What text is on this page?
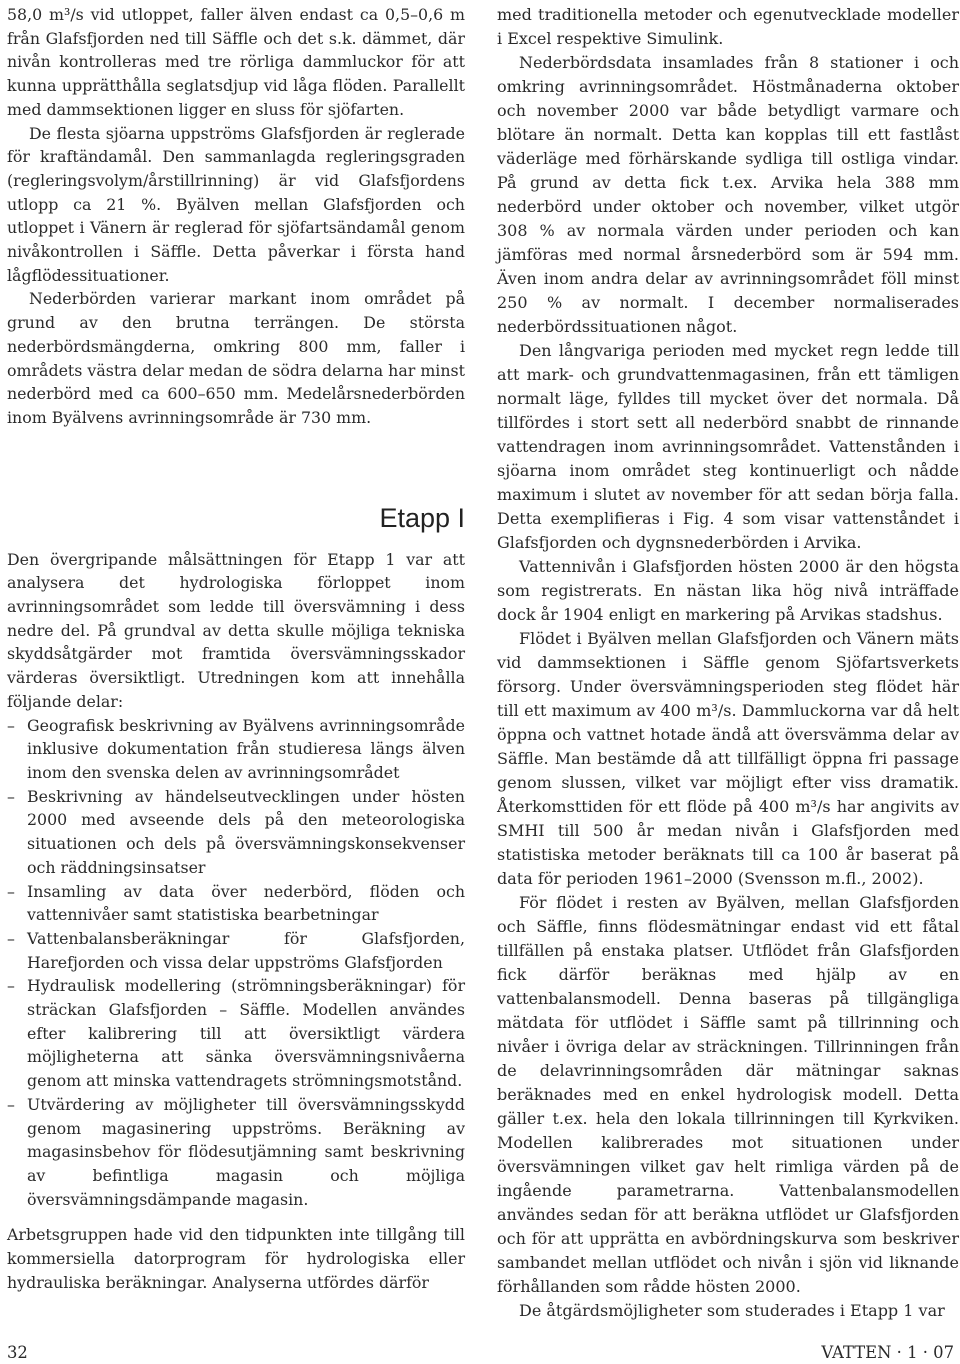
58,0 m³/s vid utloppet, faller älven endast ca 0,5–0,6 m från Glafsfjorden ned till Säffle och det s.k. dämmet, där nivån kontrolleras med tre rörliga dammluckor för att kunna upprätthålla seglatsdjup vid låga flöden. Parallellt med dammsektionen ligger en sluss för sjöfarten.

De flesta sjöarna uppströms Glafsfjorden är reglerade för kraftändamål. Den sammanlagda regleringsgraden (regleringsvolym/årstillrinning) är vid Glafsfjordens utlopp ca 21 %. Byälven mellan Glafsfjorden och utloppet i Vänern är reglerad för sjöfartsändamål genom nivåkontrollen i Säffle. Detta påverkar i första hand lågflödessituationer.

Nederbörden varierar markant inom området på grund av den brutna terrängen. De största nederbördsmängderna, omkring 800 mm, faller i områdets västra delar medan de södra delarna har minst nederbörd med ca 600–650 mm. Medelårsnederbörden inom Byälvens avrinningsområde är 730 mm.

Etapp I

Den övergripande målsättningen för Etapp 1 var att analysera det hydrologiska förloppet inom avrinningsområdet som ledde till översvämning i dess nedre del. På grundval av detta skulle möjliga tekniska skyddsåtgärder mot framtida översvämningsskador värderas översiktligt. Utredningen kom att innehålla följande delar:

– Geografisk beskrivning av Byälvens avrinningsområde inklusive dokumentation från studieresa längs älven inom den svenska delen av avrinningsområdet
– Beskrivning av händelseutvecklingen under hösten 2000 med avseende dels på den meteorologiska situationen och dels på översvämningskonsekvenser och räddningsinsatser
– Insamling av data över nederbörd, flöden och vattennivåer samt statistiska bearbetningar
– Vattenbalansberäkningar för Glafsfjorden, Harefjorden och vissa delar uppströms Glafsfjorden
– Hydraulisk modellering (strömningsberäkningar) för sträckan Glafsfjorden – Säffle. Modellen användes efter kalibrering till att översiktligt värdera möjligheterna att sänka översvämningsnivåerna genom att minska vattendragets strömningsmotstånd.
– Utvärdering av möjligheter till översvämningsskydd genom magasinering uppströms. Beräkning av magasinsbehov för flödesutjämning samt beskrivning av befintliga magasin och möjliga översvämningsdämpande magasin.

Arbetsgruppen hade vid den tidpunkten inte tillgång till kommersiella datorprogram för hydrologiska eller hydrauliska beräkningar. Analyserna utfördes därför

med traditionella metoder och egenutvecklade modeller i Excel respektive Simulink.

Nederbördsdata insamlades från 8 stationer i och omkring avrinningsområdet. Höstmånaderna oktober och november 2000 var både betydligt varmare och blötare än normalt. Detta kan kopplas till ett fastlåst väderläge med förhärskande sydliga till ostliga vindar. På grund av detta fick t.ex. Arvika hela 388 mm nederbörd under oktober och november, vilket utgör 308 % av normala värden under perioden och kan jämföras med normal årsnederbörd som är 594 mm. Även inom andra delar av avrinningsområdet föll minst 250 % av normalt. I december normaliserades nederbördssituationen något.

Den långvariga perioden med mycket regn ledde till att mark- och grundvattenmagasinen, från ett tämligen normalt läge, fylldes till mycket över det normala. Då tillfördes i stort sett all nederbörd snabbt de rinnande vattendragen inom avrinningsområdet. Vattenstånden i sjöarna inom området steg kontinuerligt och nådde maximum i slutet av november för att sedan börja falla. Detta exemplifieras i Fig. 4 som visar vattenståndet i Glafsfjorden och dygnsnederbörden i Arvika.

Vattennivån i Glafsfjorden hösten 2000 är den högsta som registrerats. En nästan lika hög nivå inträffade dock år 1904 enligt en markering på Arvikas stadshus.

Flödet i Byälven mellan Glafsfjorden och Vänern mäts vid dammsektionen i Säffle genom Sjöfartsverkets försorg. Under översvämningsperioden steg flödet här till ett maximum av 400 m³/s. Dammluckorna var då helt öppna och vattnet hotade ändå att översvämma delar av Säffle. Man bestämde då att tillfälligt öppna fri passage genom slussen, vilket var möjligt efter viss dramatik. Återkomsttiden för ett flöde på 400 m³/s har angivits av SMHI till 500 år medan nivån i Glafsfjorden med statistiska metoder beräknats till ca 100 år baserat på data för perioden 1961–2000 (Svensson m.fl., 2002).

För flödet i resten av Byälven, mellan Glafsfjorden och Säffle, finns flödesmätningar endast vid ett fåtal tillfällen på enstaka platser. Utflödet från Glafsfjorden fick därför beräknas med hjälp av en vattenbalansmodell. Denna baseras på tillgängliga mätdata för utflödet i Säffle samt på tillrinning och nivåer i övriga delar av sträckningen. Tillrinningen från de delavrinningsområden där mätningar saknas beräknades med en enkel hydrologisk modell. Detta gäller t.ex. hela den lokala tillrinningen till Kyrkviken. Modellen kalibrerades mot situationen under översvämningen vilket gav helt rimliga värden på de ingående parametrarna. Vattenbalansmodellen användes sedan för att beräkna utflödet ur Glafsfjorden och för att upprätta en avbördningskurva som beskriver sambandet mellan utflödet och nivån i sjön vid liknande förhållanden som rådde hösten 2000.

De åtgärdsmöjligheter som studerades i Etapp 1 var

32	VATTEN · 1 · 07
